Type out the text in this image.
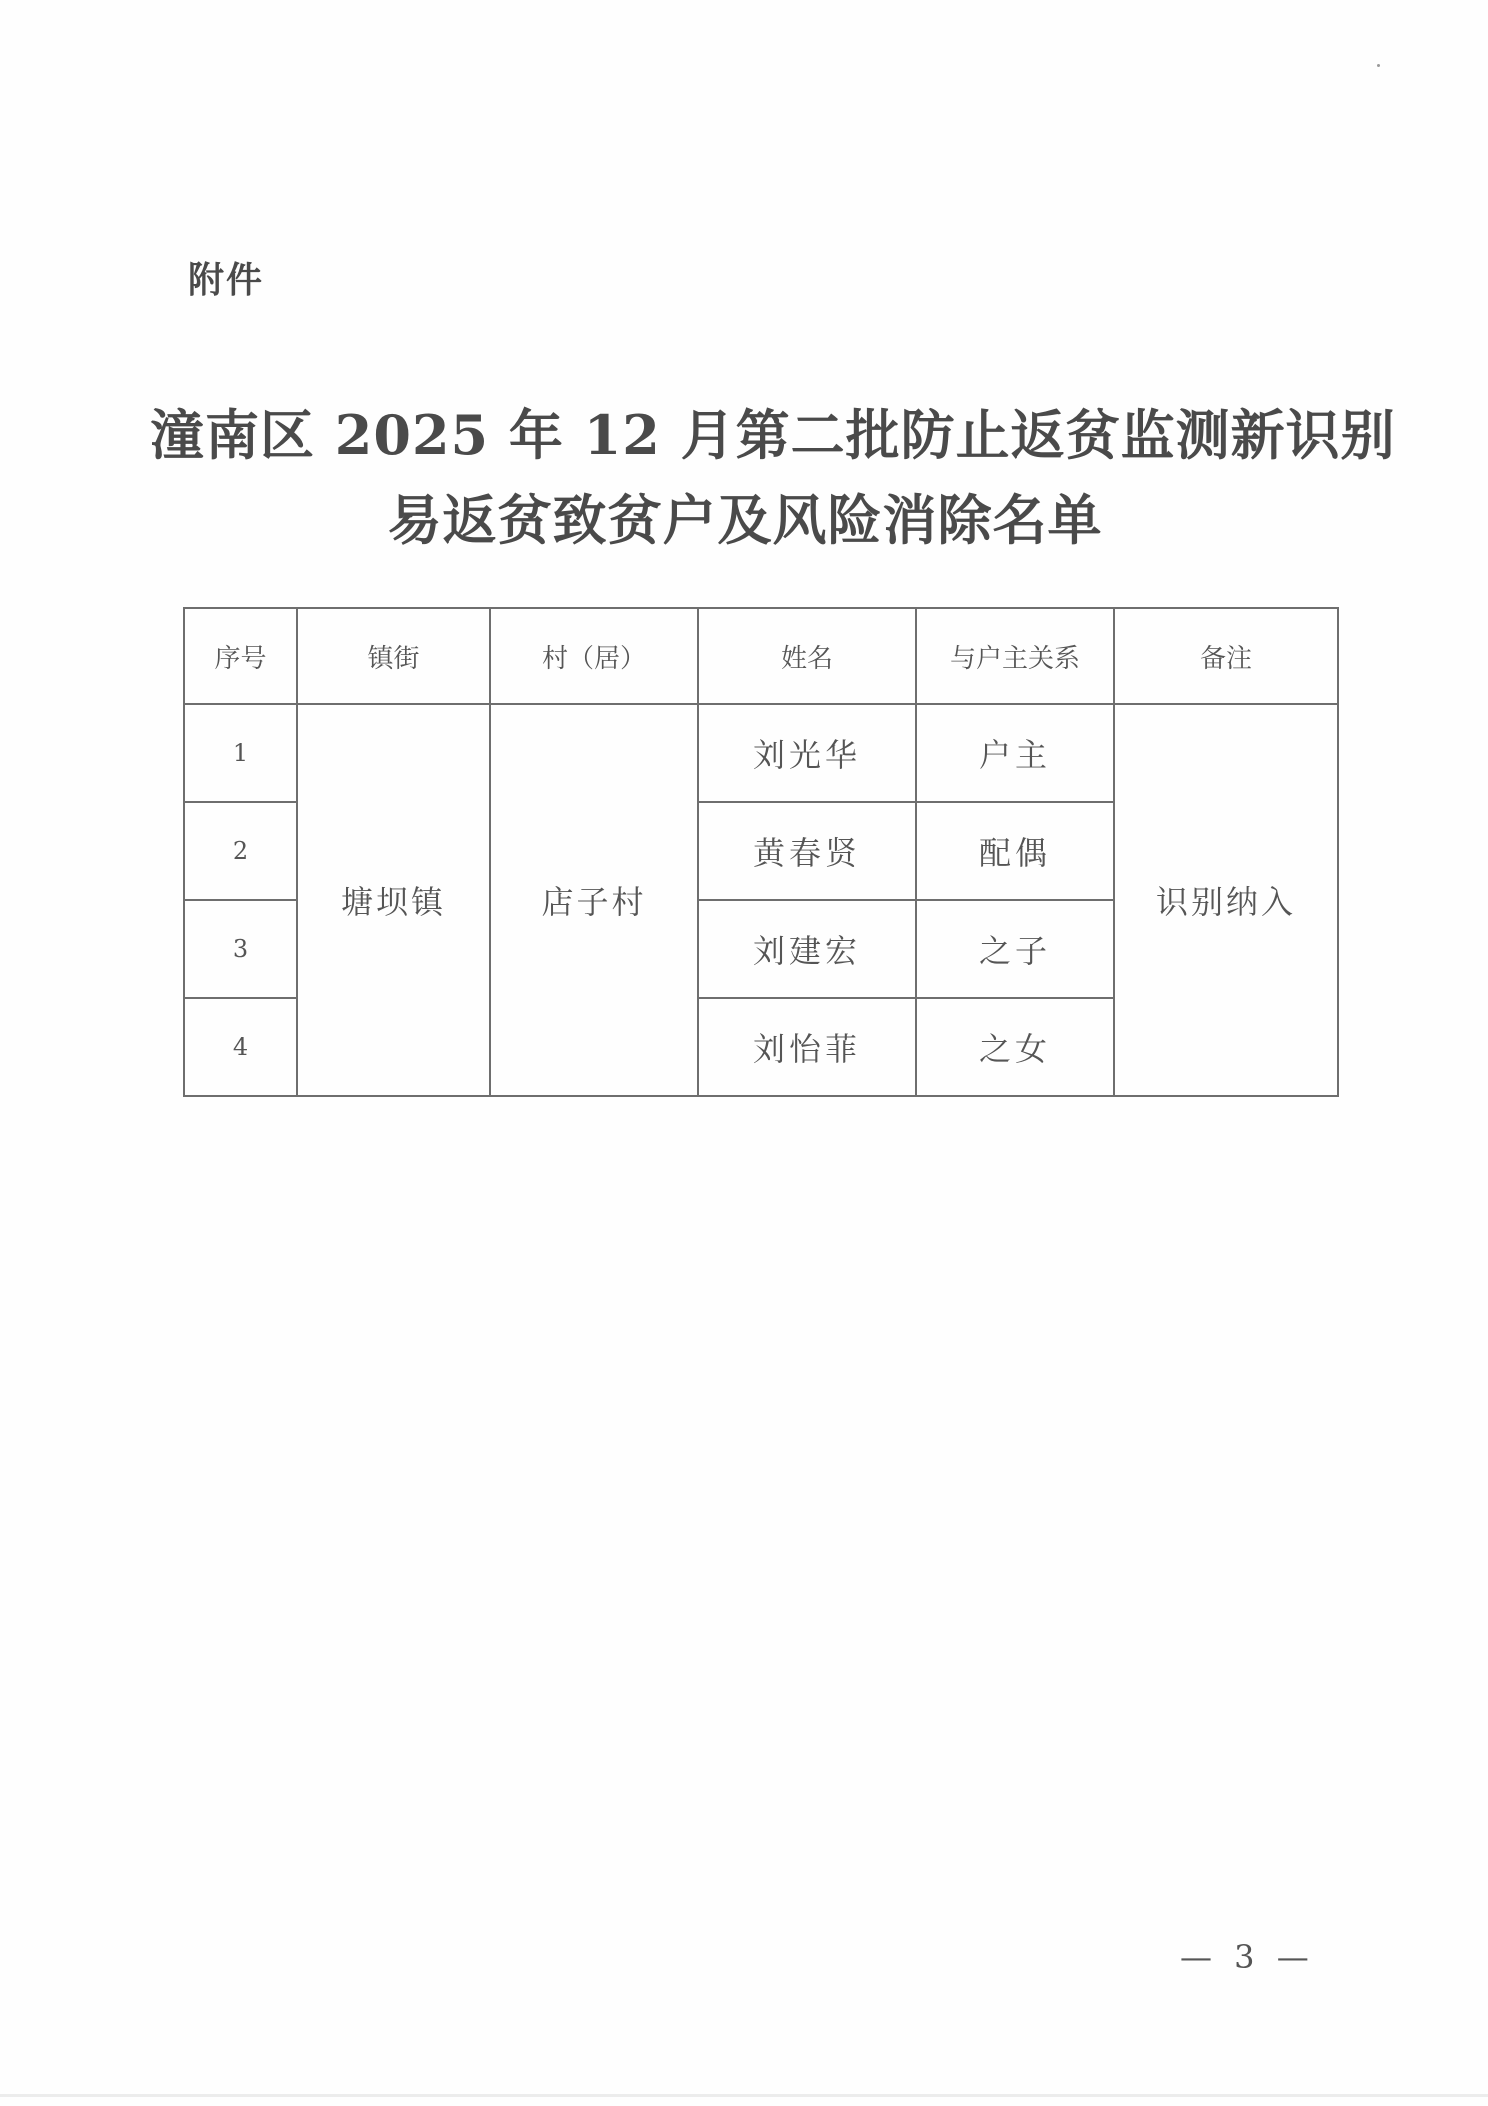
附件
潼南区 2025 年 12 月第二批防止返贫监测新识别
易返贫致贫户及风险消除名单
序号	镇街	村（居）	姓名	与户主关系	备注
1	塘坝镇	店子村	刘光华	户主	识别纳入
2			黄春贤	配偶	
3			刘建宏	之子	
4			刘怡菲	之女	
— 3 —
